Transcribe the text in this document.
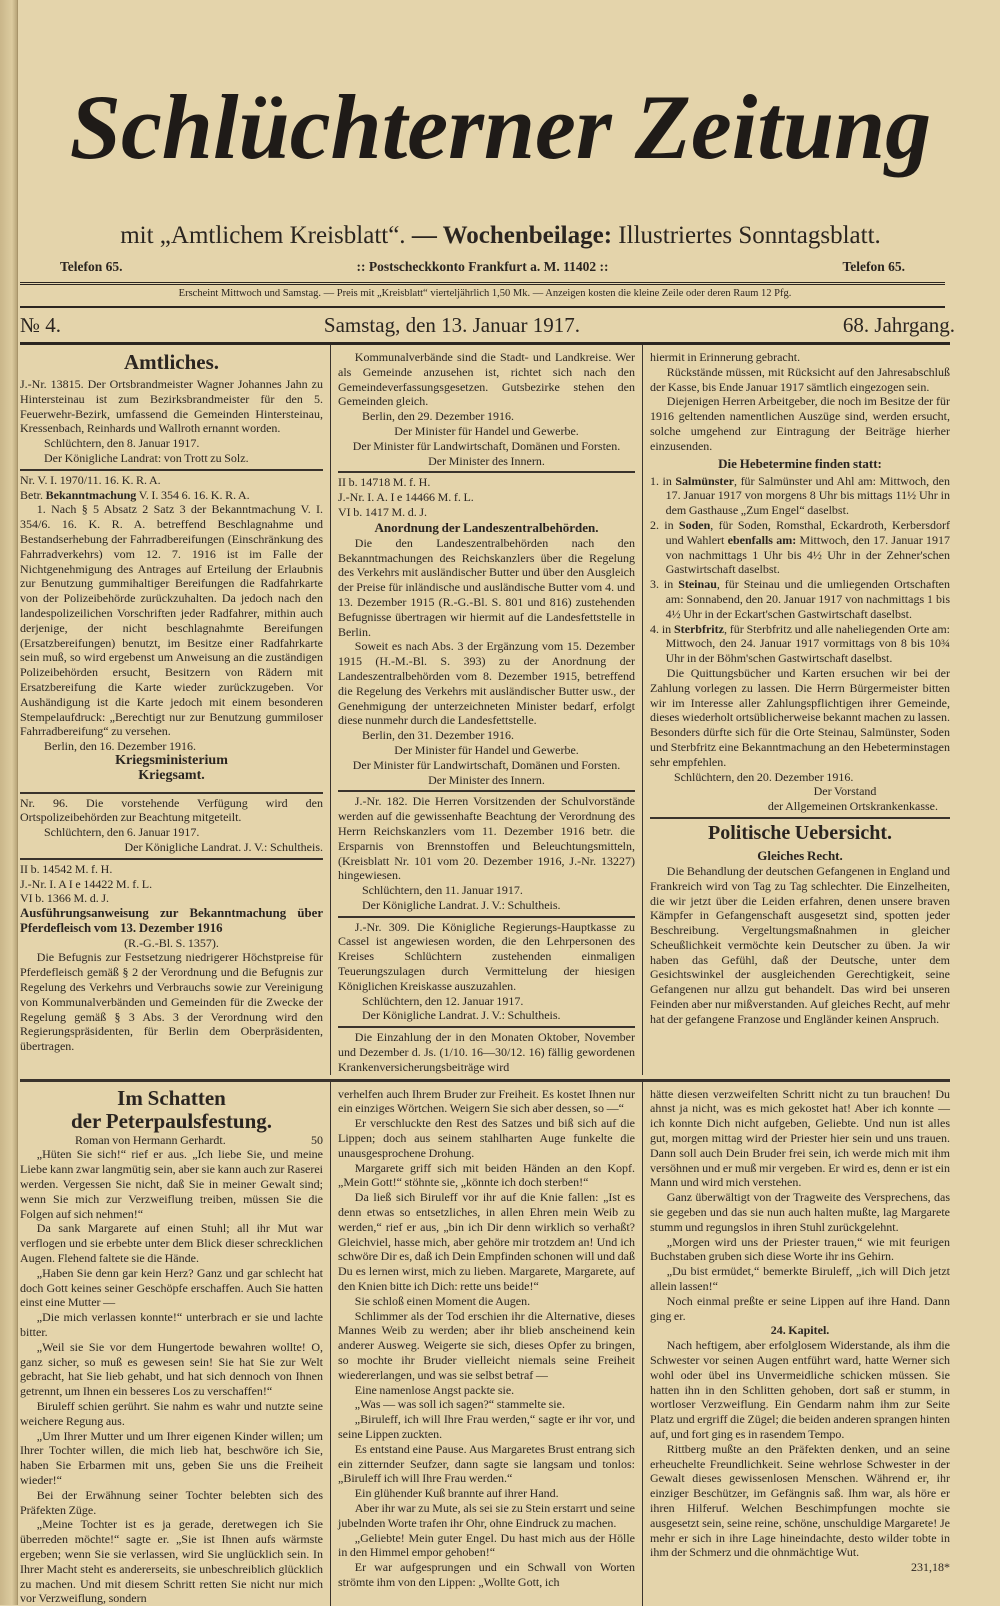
Schlüchterner Zeitung
mit „Amtlichem Kreisblatt“. — Wochenbeilage: Illustriertes Sonntagsblatt.
Telefon 65.	:: Postscheckkonto Frankfurt a. M. 11402 ::	Telefon 65.
Erscheint Mittwoch und Samstag. — Preis mit „Kreisblatt“ vierteljährlich 1,50 Mk. — Anzeigen kosten die kleine Zeile oder deren Raum 12 Pfg.
№ 4.	Samstag, den 13. Januar 1917.	68. Jahrgang.
Amtliches.
J.-Nr. 13815. Der Ortsbrandmeister Wagner Johannes Jahn zu Hintersteinau ist zum Bezirksbrandmeister für den 5. Feuerwehr-Bezirk, umfassend die Gemeinden Hintersteinau, Kressenbach, Reinhards und Wallroth ernannt worden.
Schlüchtern, den 8. Januar 1917.
Der Königliche Landrat: von Trott zu Solz.
Nr. V. I. 1970/11. 16. K. R. A.
Betr. Bekanntmachung V. I. 354 6. 16. K. R. A.
1. Nach § 5 Absatz 2 Satz 3 der Bekanntmachung V. I. 354/6. 16. K. R. A. betreffend Beschlagnahme und Bestandserhebung der Fahrradbereifungen (Einschränkung des Fahrradverkehrs) vom 12. 7. 1916 ist im Falle der Nichtgenehmigung des Antrages auf Erteilung der Erlaubnis zur Benutzung gummihaltiger Bereifungen die Radfahrkarte von der Polizeibehörde zurückzuhalten. Da jedoch nach den landespolizeilichen Vorschriften jeder Radfahrer, mithin auch derjenige, der nicht beschlagnahmte Bereifungen (Ersatzbereifungen) benutzt, im Besitze einer Radfahrkarte sein muß, so wird ergebenst um Anweisung an die zuständigen Polizeibehörden ersucht, Besitzern von Rädern mit Ersatzbereifung die Karte wieder zurückzugeben. Vor Aushändigung ist die Karte jedoch mit einem besonderen Stempelaufdruck: „Berechtigt nur zur Benutzung gummiloser Fahrradbereifung“ zu versehen.
Berlin, den 16. Dezember 1916.
Kriegsministerium
Kriegsamt.
Nr. 96. Die vorstehende Verfügung wird den Ortspolizeibehörden zur Beachtung mitgeteilt.
Schlüchtern, den 6. Januar 1917.
Der Königliche Landrat. J. V.: Schultheis.
II b. 14542 M. f. H.
J.-Nr. I. A I e 14422 M. f. L.
VI b. 1366 M. d. J.
Ausführungsanweisung zur Bekanntmachung über Pferdefleisch vom 13. Dezember 1916
(R.-G.-Bl. S. 1357).
Die Befugnis zur Festsetzung niedrigerer Höchstpreise für Pferdefleisch gemäß § 2 der Verordnung und die Befugnis zur Regelung des Verkehrs und Verbrauchs sowie zur Vereinigung von Kommunalverbänden und Gemeinden für die Zwecke der Regelung gemäß § 3 Abs. 3 der Verordnung wird den Regierungspräsidenten, für Berlin dem Oberpräsidenten, übertragen.
Kommunalverbände sind die Stadt- und Landkreise. Wer als Gemeinde anzusehen ist, richtet sich nach den Gemeindeverfassungsgesetzen. Gutsbezirke stehen den Gemeinden gleich.
Berlin, den 29. Dezember 1916.
Der Minister für Handel und Gewerbe.
Der Minister für Landwirtschaft, Domänen und Forsten.
Der Minister des Innern.
II b. 14718 M. f. H.
J.-Nr. I. A. I e 14466 M. f. L.
VI b. 1417 M. d. J.
Anordnung der Landeszentralbehörden.
Die den Landeszentralbehörden nach den Bekanntmachungen des Reichskanzlers über die Regelung des Verkehrs mit ausländischer Butter und über den Ausgleich der Preise für inländische und ausländische Butter vom 4. und 13. Dezember 1915 (R.-G.-Bl. S. 801 und 816) zustehenden Befugnisse übertragen wir hiermit auf die Landesfettstelle in Berlin.
Soweit es nach Abs. 3 der Ergänzung vom 15. Dezember 1915 (H.-M.-Bl. S. 393) zu der Anordnung der Landeszentralbehörden vom 8. Dezember 1915, betreffend die Regelung des Verkehrs mit ausländischer Butter usw., der Genehmigung der unterzeichneten Minister bedarf, erfolgt diese nunmehr durch die Landesfettstelle.
Berlin, den 31. Dezember 1916.
Der Minister für Handel und Gewerbe.
Der Minister für Landwirtschaft, Domänen und Forsten.
Der Minister des Innern.
J.-Nr. 182. Die Herren Vorsitzenden der Schulvorstände werden auf die gewissenhafte Beachtung der Verordnung des Herrn Reichskanzlers vom 11. Dezember 1916 betr. die Ersparnis von Brennstoffen und Beleuchtungsmitteln, (Kreisblatt Nr. 101 vom 20. Dezember 1916, J.-Nr. 13227) hingewiesen.
Schlüchtern, den 11. Januar 1917.
Der Königliche Landrat. J. V.: Schultheis.
J.-Nr. 309. Die Königliche Regierungs-Hauptkasse zu Cassel ist angewiesen worden, die den Lehrpersonen des Kreises Schlüchtern zustehenden einmaligen Teuerungszulagen durch Vermittelung der hiesigen Königlichen Kreiskasse auszuzahlen.
Schlüchtern, den 12. Januar 1917.
Der Königliche Landrat. J. V.: Schultheis.
Die Einzahlung der in den Monaten Oktober, November und Dezember d. Js. (1/10. 16—30/12. 16) fällig gewordenen Krankenversicherungsbeiträge wird
hiermit in Erinnerung gebracht.
Rückstände müssen, mit Rücksicht auf den Jahresabschluß der Kasse, bis Ende Januar 1917 sämtlich eingezogen sein.
Diejenigen Herren Arbeitgeber, die noch im Besitze der für 1916 geltenden namentlichen Auszüge sind, werden ersucht, solche umgehend zur Eintragung der Beiträge hierher einzusenden.
Die Hebetermine finden statt:
1. in Salmünster, für Salmünster und Ahl am: Mittwoch, den 17. Januar 1917 von morgens 8 Uhr bis mittags 11½ Uhr in dem Gasthause „Zum Engel“ daselbst.
2. in Soden, für Soden, Romsthal, Eckardroth, Kerbersdorf und Wahlert ebenfalls am: Mittwoch, den 17. Januar 1917 von nachmittags 1 Uhr bis 4½ Uhr in der Zehner'schen Gastwirtschaft daselbst.
3. in Steinau, für Steinau und die umliegenden Ortschaften am: Sonnabend, den 20. Januar 1917 von nachmittags 1 bis 4½ Uhr in der Eckart'schen Gastwirtschaft daselbst.
4. in Sterbfritz, für Sterbfritz und alle naheliegenden Orte am: Mittwoch, den 24. Januar 1917 vormittags von 8 bis 10¾ Uhr in der Böhm'schen Gastwirtschaft daselbst.
Die Quittungsbücher und Karten ersuchen wir bei der Zahlung vorlegen zu lassen. Die Herrn Bürgermeister bitten wir im Interesse aller Zahlungspflichtigen ihrer Gemeinde, dieses wiederholt ortsüblicherweise bekannt machen zu lassen. Besonders dürfte sich für die Orte Steinau, Salmünster, Soden und Sterbfritz eine Bekanntmachung an den Hebeterminstagen sehr empfehlen.
Schlüchtern, den 20. Dezember 1916.
Der Vorstand
der Allgemeinen Ortskrankenkasse.
Politische Uebersicht.
Gleiches Recht.
Die Behandlung der deutschen Gefangenen in England und Frankreich wird von Tag zu Tag schlechter. Die Einzelheiten, die wir jetzt über die Leiden erfahren, denen unsere braven Kämpfer in Gefangenschaft ausgesetzt sind, spotten jeder Beschreibung. Vergeltungsmaßnahmen in gleicher Scheußlichkeit vermöchte kein Deutscher zu üben. Ja wir haben das Gefühl, daß der Deutsche, unter dem Gesichtswinkel der ausgleichenden Gerechtigkeit, seine Gefangenen nur allzu gut behandelt. Das wird bei unseren Feinden aber nur mißverstanden. Auf gleiches Recht, auf mehr hat der gefangene Franzose und Engländer keinen Anspruch.
Im Schatten
der Peterpaulsfestung.
Roman von Hermann Gerhardt.	50
„Hüten Sie sich!“ rief er aus. „Ich liebe Sie, und meine Liebe kann zwar langmütig sein, aber sie kann auch zur Raserei werden. Vergessen Sie nicht, daß Sie in meiner Gewalt sind; wenn Sie mich zur Verzweiflung treiben, müssen Sie die Folgen auf sich nehmen!“
Da sank Margarete auf einen Stuhl; all ihr Mut war verflogen und sie erbebte unter dem Blick dieser schrecklichen Augen. Flehend faltete sie die Hände.
„Haben Sie denn gar kein Herz? Ganz und gar schlecht hat doch Gott keines seiner Geschöpfe erschaffen. Auch Sie hatten einst eine Mutter —
„Die mich verlassen konnte!“ unterbrach er sie und lachte bitter.
„Weil sie Sie vor dem Hungertode bewahren wollte! O, ganz sicher, so muß es gewesen sein! Sie hat Sie zur Welt gebracht, hat Sie lieb gehabt, und hat sich dennoch von Ihnen getrennt, um Ihnen ein besseres Los zu verschaffen!“
Biruleff schien gerührt. Sie nahm es wahr und nutzte seine weichere Regung aus.
„Um Ihrer Mutter und um Ihrer eigenen Kinder willen; um Ihrer Tochter willen, die mich lieb hat, beschwöre ich Sie, haben Sie Erbarmen mit uns, geben Sie uns die Freiheit wieder!“
Bei der Erwähnung seiner Tochter belebten sich des Präfekten Züge.
„Meine Tochter ist es ja gerade, deretwegen ich Sie überreden möchte!“ sagte er. „Sie ist Ihnen aufs wärmste ergeben; wenn Sie sie verlassen, wird Sie unglücklich sein. In Ihrer Macht steht es andererseits, sie unbeschreiblich glücklich zu machen. Und mit diesem Schritt retten Sie nicht nur mich vor Verzweiflung, sondern
verhelfen auch Ihrem Bruder zur Freiheit. Es kostet Ihnen nur ein einziges Wörtchen. Weigern Sie sich aber dessen, so —“
Er verschluckte den Rest des Satzes und biß sich auf die Lippen; doch aus seinem stahlharten Auge funkelte die unausgesprochene Drohung.
Margarete griff sich mit beiden Händen an den Kopf. „Mein Gott!“ stöhnte sie, „könnte ich doch sterben!“
Da ließ sich Biruleff vor ihr auf die Knie fallen: „Ist es denn etwas so entsetzliches, in allen Ehren mein Weib zu werden,“ rief er aus, „bin ich Dir denn wirklich so verhaßt? Gleichviel, hasse mich, aber gehöre mir trotzdem an! Und ich schwöre Dir es, daß ich Dein Empfinden schonen will und daß Du es lernen wirst, mich zu lieben. Margarete, Margarete, auf den Knien bitte ich Dich: rette uns beide!“
Sie schloß einen Moment die Augen.
Schlimmer als der Tod erschien ihr die Alternative, dieses Mannes Weib zu werden; aber ihr blieb anscheinend kein anderer Ausweg. Weigerte sie sich, dieses Opfer zu bringen, so mochte ihr Bruder vielleicht niemals seine Freiheit wiedererlangen, und was sie selbst betraf —
Eine namenlose Angst packte sie.
„Was — was soll ich sagen?“ stammelte sie.
„Biruleff, ich will Ihre Frau werden,“ sagte er ihr vor, und seine Lippen zuckten.
Es entstand eine Pause. Aus Margaretes Brust entrang sich ein zitternder Seufzer, dann sagte sie langsam und tonlos: „Biruleff ich will Ihre Frau werden.“
Ein glühender Kuß brannte auf ihrer Hand.
Aber ihr war zu Mute, als sei sie zu Stein erstarrt und seine jubelnden Worte trafen ihr Ohr, ohne Eindruck zu machen.
„Geliebte! Mein guter Engel. Du hast mich aus der Hölle in den Himmel empor gehoben!“
Er war aufgesprungen und ein Schwall von Worten strömte ihm von den Lippen: „Wollte Gott, ich
hätte diesen verzweifelten Schritt nicht zu tun brauchen! Du ahnst ja nicht, was es mich gekostet hat! Aber ich konnte — ich konnte Dich nicht aufgeben, Geliebte. Und nun ist alles gut, morgen mittag wird der Priester hier sein und uns trauen. Dann soll auch Dein Bruder frei sein, ich werde mich mit ihm versöhnen und er muß mir vergeben. Er wird es, denn er ist ein Mann und wird mich verstehen.
Ganz überwältigt von der Tragweite des Versprechens, das sie gegeben und das sie nun auch halten mußte, lag Margarete stumm und regungslos in ihren Stuhl zurückgelehnt.
„Morgen wird uns der Priester trauen,“ wie mit feurigen Buchstaben gruben sich diese Worte ihr ins Gehirn.
„Du bist ermüdet,“ bemerkte Biruleff, „ich will Dich jetzt allein lassen!“
Noch einmal preßte er seine Lippen auf ihre Hand. Dann ging er.
24. Kapitel.
Nach heftigem, aber erfolglosem Widerstande, als ihm die Schwester vor seinen Augen entführt ward, hatte Werner sich wohl oder übel ins Unvermeidliche schicken müssen. Sie hatten ihn in den Schlitten gehoben, dort saß er stumm, in wortloser Verzweiflung. Ein Gendarm nahm ihm zur Seite Platz und ergriff die Zügel; die beiden anderen sprangen hinten auf, und fort ging es in rasendem Tempo.
Rittberg mußte an den Präfekten denken, und an seine erheuchelte Freundlichkeit. Seine wehrlose Schwester in der Gewalt dieses gewissenlosen Menschen. Während er, ihr einziger Beschützer, im Gefängnis saß. Ihm war, als höre er ihren Hilferuf. Welchen Beschimpfungen mochte sie ausgesetzt sein, seine reine, schöne, unschuldige Margarete! Je mehr er sich in ihre Lage hineindachte, desto wilder tobte in ihm der Schmerz und die ohnmächtige Wut.
231,18*
